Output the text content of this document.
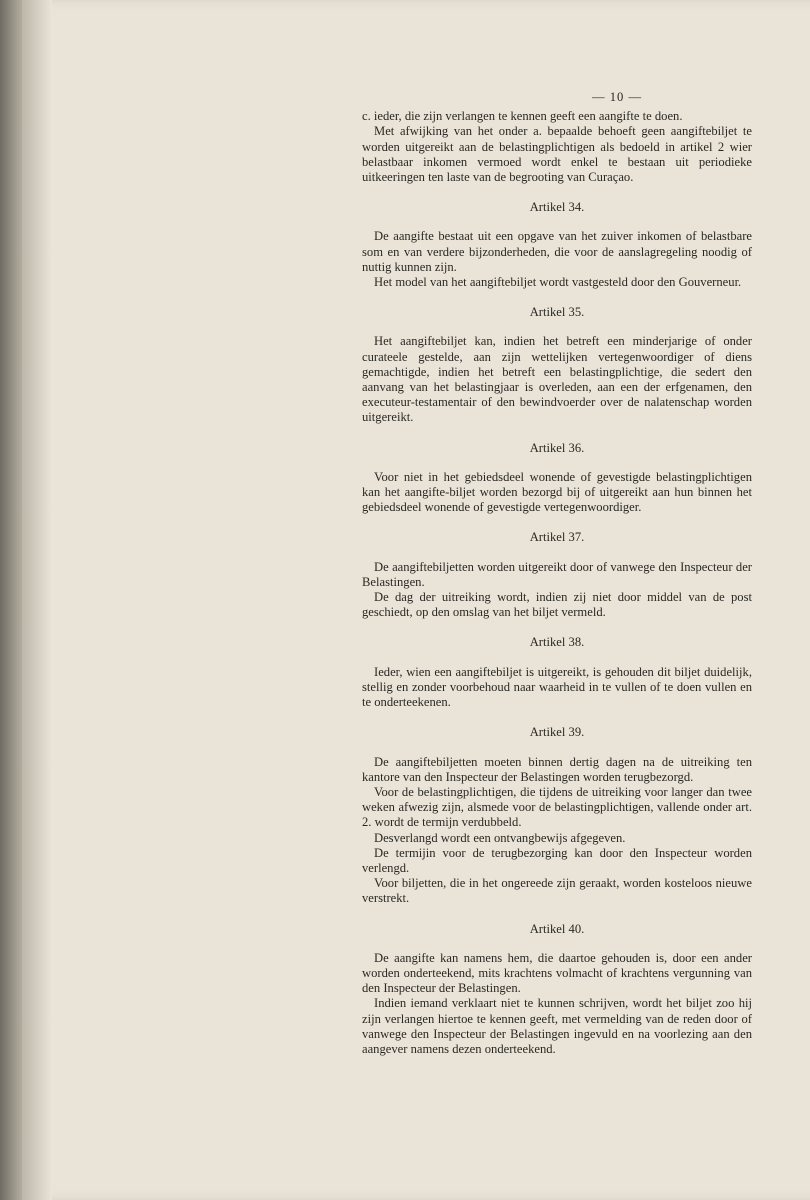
— 10 —

c. ieder, die zijn verlangen te kennen geeft een aangifte te doen.

Met afwijking van het onder a. bepaalde behoeft geen aangiftebiljet te worden uitgereikt aan de belastingplichtigen als bedoeld in artikel 2 wier belastbaar inkomen vermoed wordt enkel te bestaan uit periodieke uitkeeringen ten laste van de begrooting van Curaçao.

Artikel 34.

De aangifte bestaat uit een opgave van het zuiver inkomen of belastbare som en van verdere bijzonderheden, die voor de aanslagregeling noodig of nuttig kunnen zijn.

Het model van het aangiftebiljet wordt vastgesteld door den Gouverneur.

Artikel 35.

Het aangiftebiljet kan, indien het betreft een minderjarige of onder curateele gestelde, aan zijn wettelijken vertegenwoordiger of diens gemachtigde, indien het betreft een belastingplichtige, die sedert den aanvang van het belastingjaar is overleden, aan een der erfgenamen, den executeur-testamentair of den bewindvoerder over de nalatenschap worden uitgereikt.

Artikel 36.

Voor niet in het gebiedsdeel wonende of gevestigde belastingplichtigen kan het aangifte-biljet worden bezorgd bij of uitgereikt aan hun binnen het gebiedsdeel wonende of gevestigde vertegenwoordiger.

Artikel 37.

De aangiftebiljetten worden uitgereikt door of vanwege den Inspecteur der Belastingen.

De dag der uitreiking wordt, indien zij niet door middel van de post geschiedt, op den omslag van het biljet vermeld.

Artikel 38.

Ieder, wien een aangiftebiljet is uitgereikt, is gehouden dit biljet duidelijk, stellig en zonder voorbehoud naar waarheid in te vullen of te doen vullen en te onderteekenen.

Artikel 39.

De aangiftebiljetten moeten binnen dertig dagen na de uitreiking ten kantore van den Inspecteur der Belastingen worden terugbezorgd.

Voor de belastingplichtigen, die tijdens de uitreiking voor langer dan twee weken afwezig zijn, alsmede voor de belastingplichtigen, vallende onder art. 2. wordt de termijn verdubbeld.

Desverlangd wordt een ontvangbewijs afgegeven.

De termijin voor de terugbezorging kan door den Inspecteur worden verlengd.

Voor biljetten, die in het ongereede zijn geraakt, worden kosteloos nieuwe verstrekt.

Artikel 40.

De aangifte kan namens hem, die daartoe gehouden is, door een ander worden onderteekend, mits krachtens volmacht of krachtens vergunning van den Inspecteur der Belastingen.

Indien iemand verklaart niet te kunnen schrijven, wordt het biljet zoo hij zijn verlangen hiertoe te kennen geeft, met vermelding van de reden door of vanwege den Inspecteur der Belastingen ingevuld en na voorlezing aan den aangever namens dezen onderteekend.
